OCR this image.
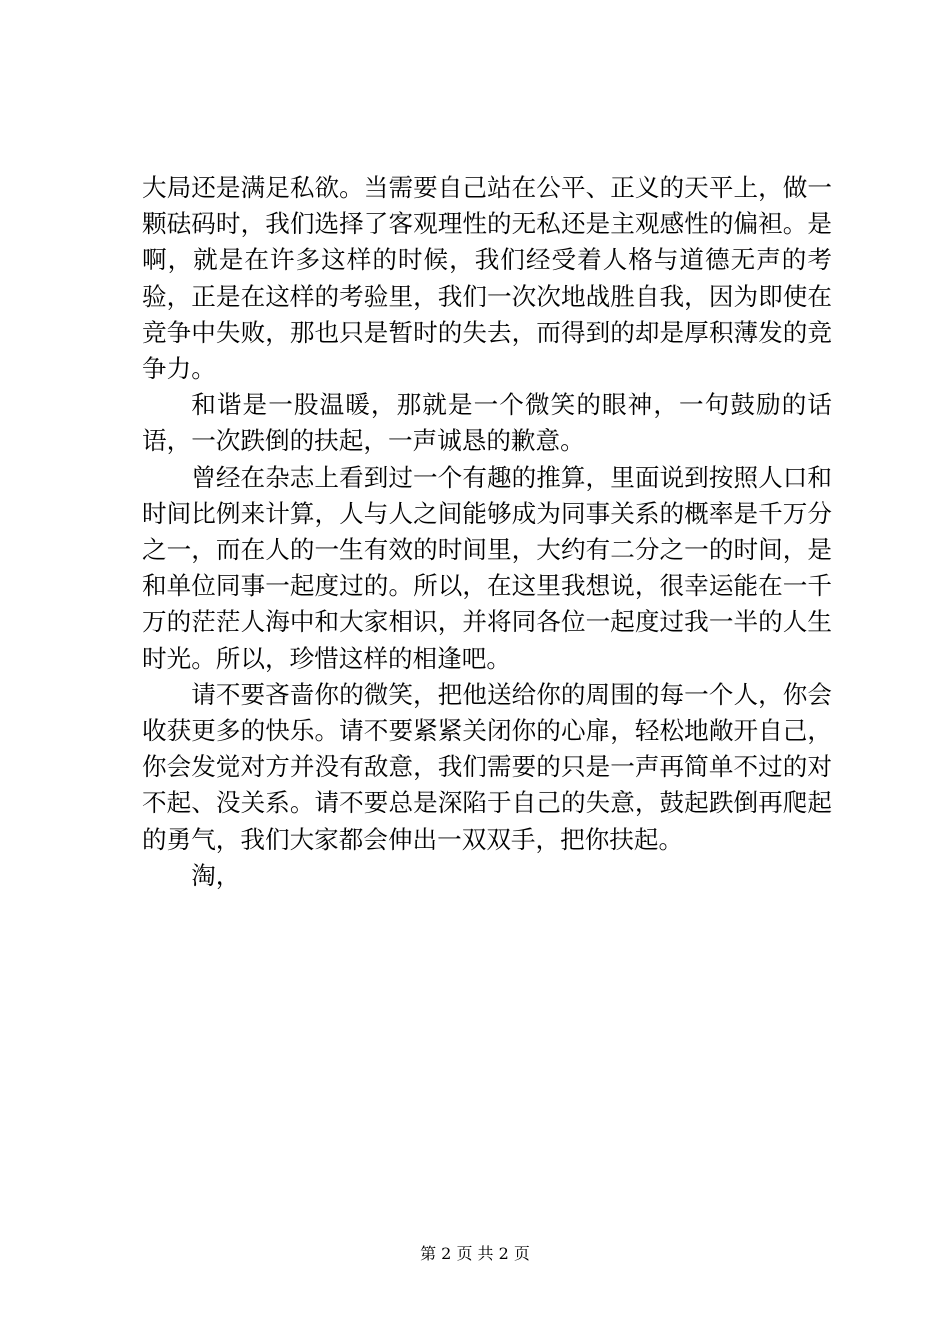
大局还是满足私欲。当需要自己站在公平、正义的天平上，做一颗砝码时，我们选择了客观理性的无私还是主观感性的偏袒。是啊，就是在许多这样的时候，我们经受着人格与道德无声的考验，正是在这样的考验里，我们一次次地战胜自我，因为即使在竞争中失败，那也只是暂时的失去，而得到的却是厚积薄发的竞争力。

和谐是一股温暖，那就是一个微笑的眼神，一句鼓励的话语，一次跌倒的扶起，一声诚恳的歉意。

曾经在杂志上看到过一个有趣的推算，里面说到按照人口和时间比例来计算，人与人之间能够成为同事关系的概率是千万分之一，而在人的一生有效的时间里，大约有二分之一的时间，是和单位同事一起度过的。所以，在这里我想说，很幸运能在一千万的茫茫人海中和大家相识，并将同各位一起度过我一半的人生时光。所以，珍惜这样的相逢吧。

请不要吝啬你的微笑，把他送给你的周围的每一个人，你会收获更多的快乐。请不要紧紧关闭你的心扉，轻松地敞开自己，你会发觉对方并没有敌意，我们需要的只是一声再简单不过的对不起、没关系。请不要总是深陷于自己的失意，鼓起跌倒再爬起的勇气，我们大家都会伸出一双双手，把你扶起。

淘，

第 2 页 共 2 页
